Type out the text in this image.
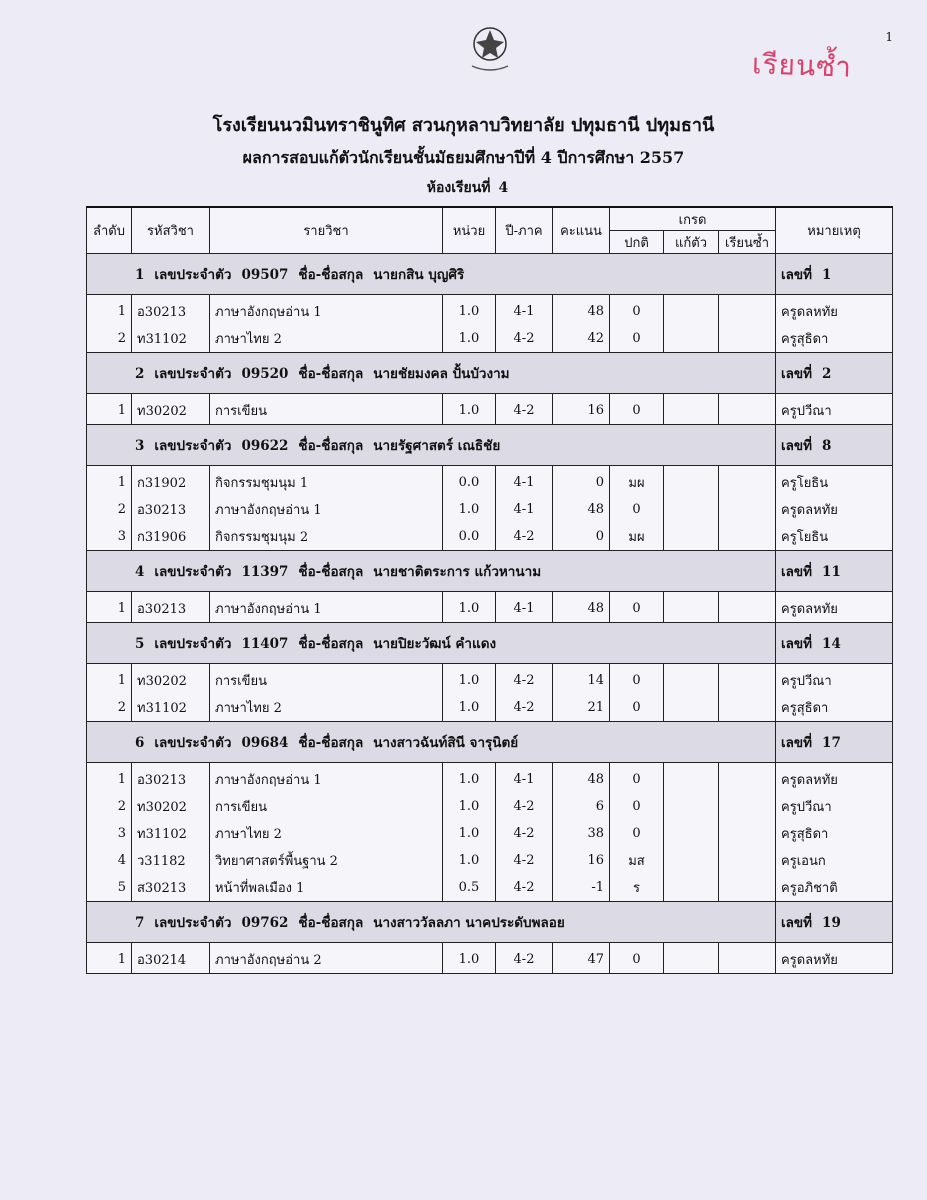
1
เรียนซ้ำ
โรงเรียนนวมินทราชินูทิศ สวนกุหลาบวิทยาลัย ปทุมธานี ปทุมธานี
ผลการสอบแก้ตัวนักเรียนชั้นมัธยมศึกษาปีที่ 4 ปีการศึกษา 2557
ห้องเรียนที่ 4
ลำดับ	รหัสวิชา	รายวิชา	หน่วย	ปี-ภาค	คะแนน	เกรด			หมายเหตุ
						ปกติ	แก้ตัว	เรียนซ้ำ	
1 เลขประจำตัว 09507 ชื่อ-ชื่อสกุล นายกสิน บุญศิริ									เลขที่ 1
1	อ30213	ภาษาอังกฤษอ่าน 1	1.0	4-1	48	0			ครูดลหทัย
2	ท31102	ภาษาไทย 2	1.0	4-2	42	0			ครูสุธิดา
2 เลขประจำตัว 09520 ชื่อ-ชื่อสกุล นายชัยมงคล ปั้นบัวงาม									เลขที่ 2
1	ท30202	การเขียน	1.0	4-2	16	0			ครูปวีณา
3 เลขประจำตัว 09622 ชื่อ-ชื่อสกุล นายรัฐศาสตร์ เณธิชัย									เลขที่ 8
1	ก31902	กิจกรรมชุมนุม 1	0.0	4-1	0	มผ			ครูโยธิน
2	อ30213	ภาษาอังกฤษอ่าน 1	1.0	4-1	48	0			ครูดลหทัย
3	ก31906	กิจกรรมชุมนุม 2	0.0	4-2	0	มผ			ครูโยธิน
4 เลขประจำตัว 11397 ชื่อ-ชื่อสกุล นายชาติตระการ แก้วหานาม									เลขที่ 11
1	อ30213	ภาษาอังกฤษอ่าน 1	1.0	4-1	48	0			ครูดลหทัย
5 เลขประจำตัว 11407 ชื่อ-ชื่อสกุล นายปิยะวัฒน์ คำแดง									เลขที่ 14
1	ท30202	การเขียน	1.0	4-2	14	0			ครูปวีณา
2	ท31102	ภาษาไทย 2	1.0	4-2	21	0			ครูสุธิดา
6 เลขประจำตัว 09684 ชื่อ-ชื่อสกุล นางสาวฉันท์สินี จารุนิตย์									เลขที่ 17
1	อ30213	ภาษาอังกฤษอ่าน 1	1.0	4-1	48	0			ครูดลหทัย
2	ท30202	การเขียน	1.0	4-2	6	0			ครูปวีณา
3	ท31102	ภาษาไทย 2	1.0	4-2	38	0			ครูสุธิดา
4	ว31182	วิทยาศาสตร์พื้นฐาน 2	1.0	4-2	16	มส			ครูเอนก
5	ส30213	หน้าที่พลเมือง 1	0.5	4-2	-1	ร			ครูอภิชาติ
7 เลขประจำตัว 09762 ชื่อ-ชื่อสกุล นางสาววัลลภา นาคประดับพลอย									เลขที่ 19
1	อ30214	ภาษาอังกฤษอ่าน 2	1.0	4-2	47	0			ครูดลหทัย
